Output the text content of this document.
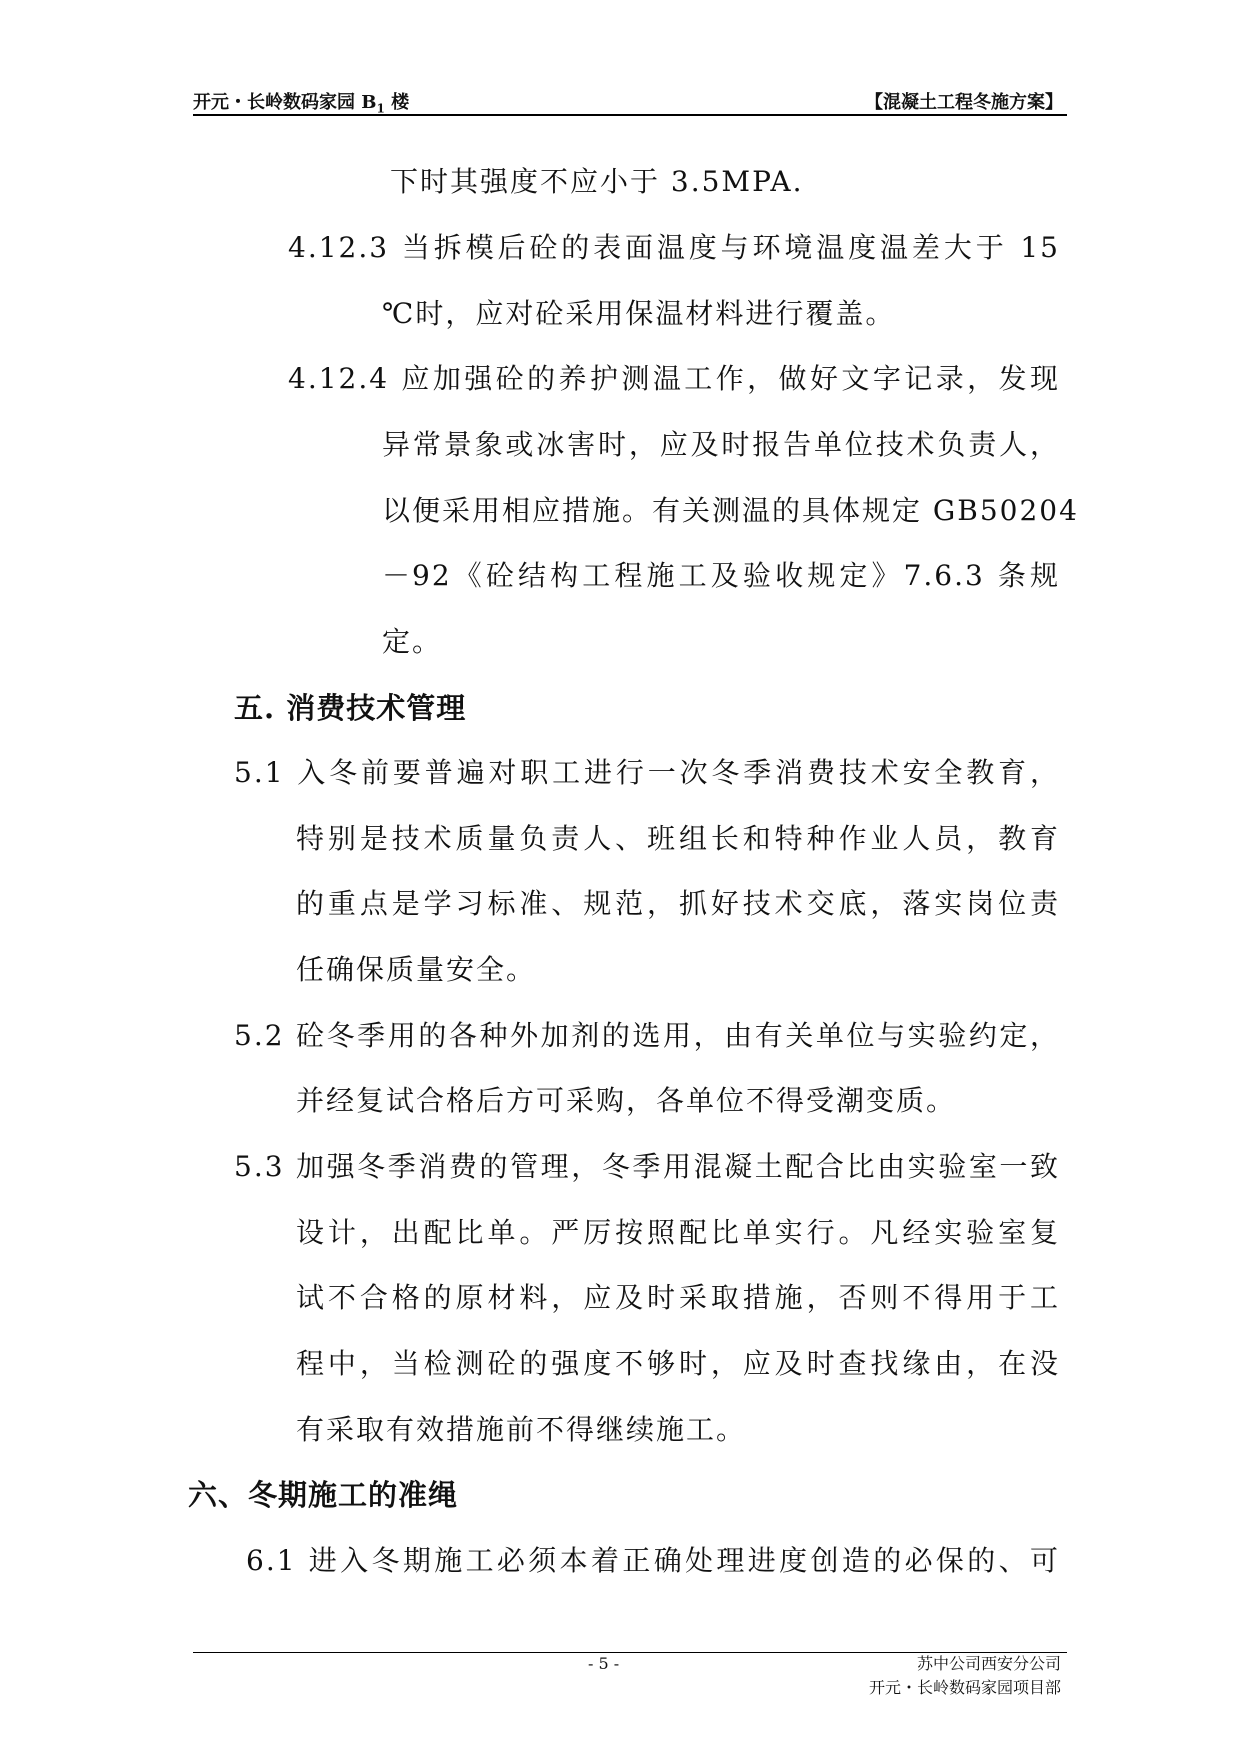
开元・长岭数码家园 $B_1$ 楼	【混凝土工程冬施方案】
下时其强度不应小于 3.5MPA.
4.12.3 当拆模后砼的表面温度与环境温度温差大于 15
℃时，应对砼采用保温材料进行覆盖。
4.12.4 应加强砼的养护测温工作，做好文字记录，发现
异常景象或冰害时，应及时报告单位技术负责人，
以便采用相应措施。有关测温的具体规定 GB50204
－92《砼结构工程施工及验收规定》7.6.3 条规
定。
五. 消费技术管理
5.1 入冬前要普遍对职工进行一次冬季消费技术安全教育，
特别是技术质量负责人、班组长和特种作业人员，教育
的重点是学习标准、规范，抓好技术交底，落实岗位责
任确保质量安全。
5.2 砼冬季用的各种外加剂的选用，由有关单位与实验约定，
并经复试合格后方可采购，各单位不得受潮变质。
5.3 加强冬季消费的管理，冬季用混凝土配合比由实验室一致
设计，出配比单。严厉按照配比单实行。凡经实验室复
试不合格的原材料，应及时采取措施，否则不得用于工
程中，当检测砼的强度不够时，应及时查找缘由，在没
有采取有效措施前不得继续施工。
六、冬期施工的准绳
6.1 进入冬期施工必须本着正确处理进度创造的必保的、可
- 5 -	苏中公司西安分公司
开元・长岭数码家园项目部
